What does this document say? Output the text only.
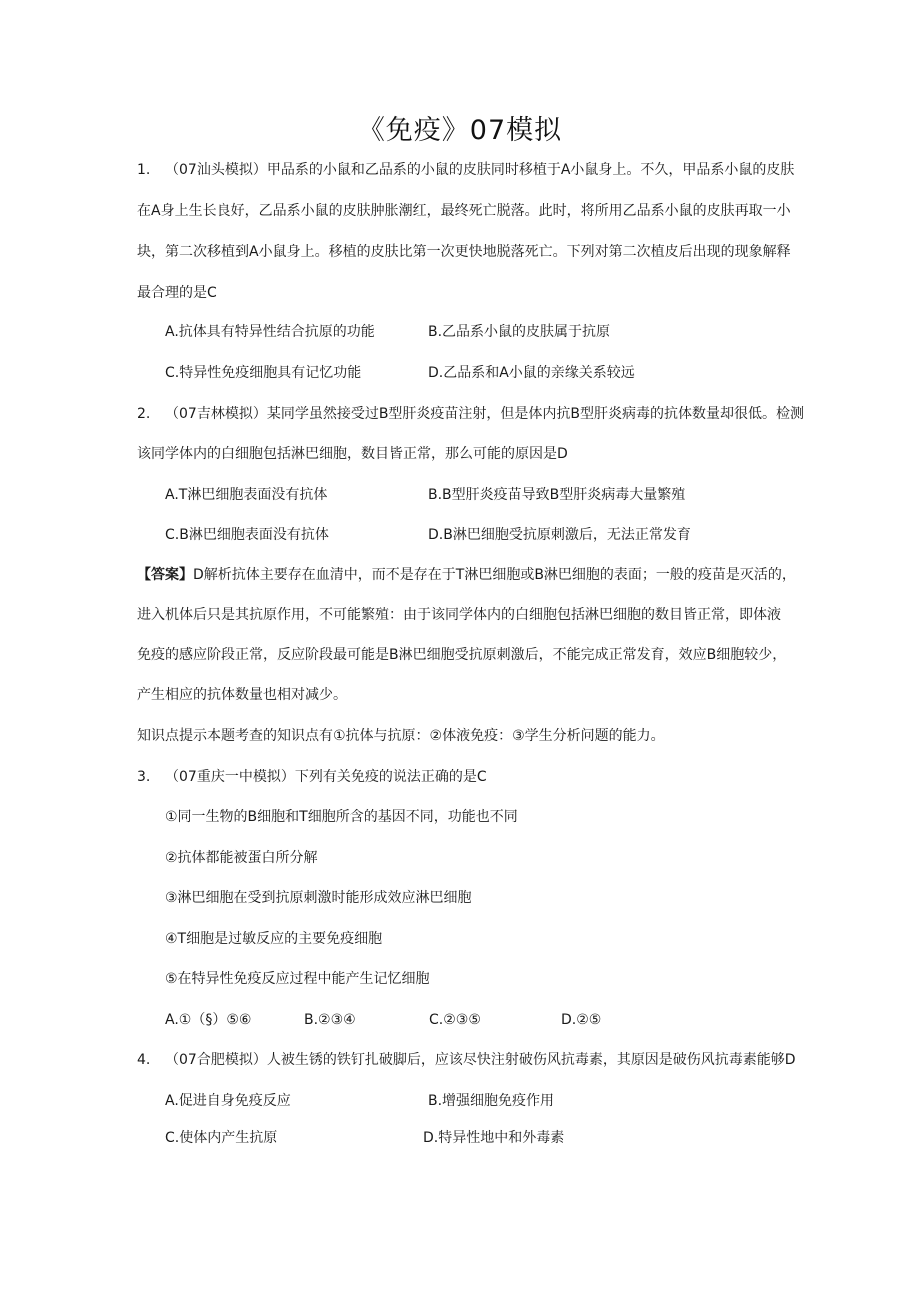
《免疫》07模拟
1. （07汕头模拟）甲品系的小鼠和乙品系的小鼠的皮肤同时移植于A小鼠身上。不久，甲品系小鼠的皮肤
在A身上生长良好，乙品系小鼠的皮肤肿胀潮红，最终死亡脱落。此时，将所用乙品系小鼠的皮肤再取一小
块，第二次移植到A小鼠身上。移植的皮肤比第一次更快地脱落死亡。下列对第二次植皮后出现的现象解释
最合理的是C
A.抗体具有特异性结合抗原的功能	B.乙品系小鼠的皮肤属于抗原
C.特异性免疫细胞具有记忆功能	D.乙品系和A小鼠的亲缘关系较远
2. （07吉林模拟）某同学虽然接受过B型肝炎疫苗注射，但是体内抗B型肝炎病毒的抗体数量却很低。检测
该同学体内的白细胞包括淋巴细胞，数目皆正常，那么可能的原因是D
A.T淋巴细胞表面没有抗体	B.B型肝炎疫苗导致B型肝炎病毒大量繁殖
C.B淋巴细胞表面没有抗体	D.B淋巴细胞受抗原刺激后，无法正常发育
【答案】D解析抗体主要存在血清中，而不是存在于T淋巴细胞或B淋巴细胞的表面；一般的疫苗是灭活的，
进入机体后只是其抗原作用，不可能繁殖：由于该同学体内的白细胞包括淋巴细胞的数目皆正常，即体液
免疫的感应阶段正常，反应阶段最可能是B淋巴细胞受抗原刺激后，不能完成正常发育，效应B细胞较少，
产生相应的抗体数量也相对减少。
知识点提示本题考查的知识点有①抗体与抗原：②体液免疫：③学生分析问题的能力。
3. （07重庆一中模拟）下列有关免疫的说法正确的是C
①同一生物的B细胞和T细胞所含的基因不同，功能也不同
②抗体都能被蛋白所分解
③淋巴细胞在受到抗原刺激时能形成效应淋巴细胞
④T细胞是过敏反应的主要免疫细胞
⑤在特异性免疫反应过程中能产生记忆细胞
A.①（§）⑤⑥	B.②③④	C.②③⑤	D.②⑤
4. （07合肥模拟）人被生锈的铁钉扎破脚后，应该尽快注射破伤风抗毒素，其原因是破伤风抗毒素能够D
A.促进自身免疫反应	B.增强细胞免疫作用
C.使体内产生抗原	D.特异性地中和外毒素
